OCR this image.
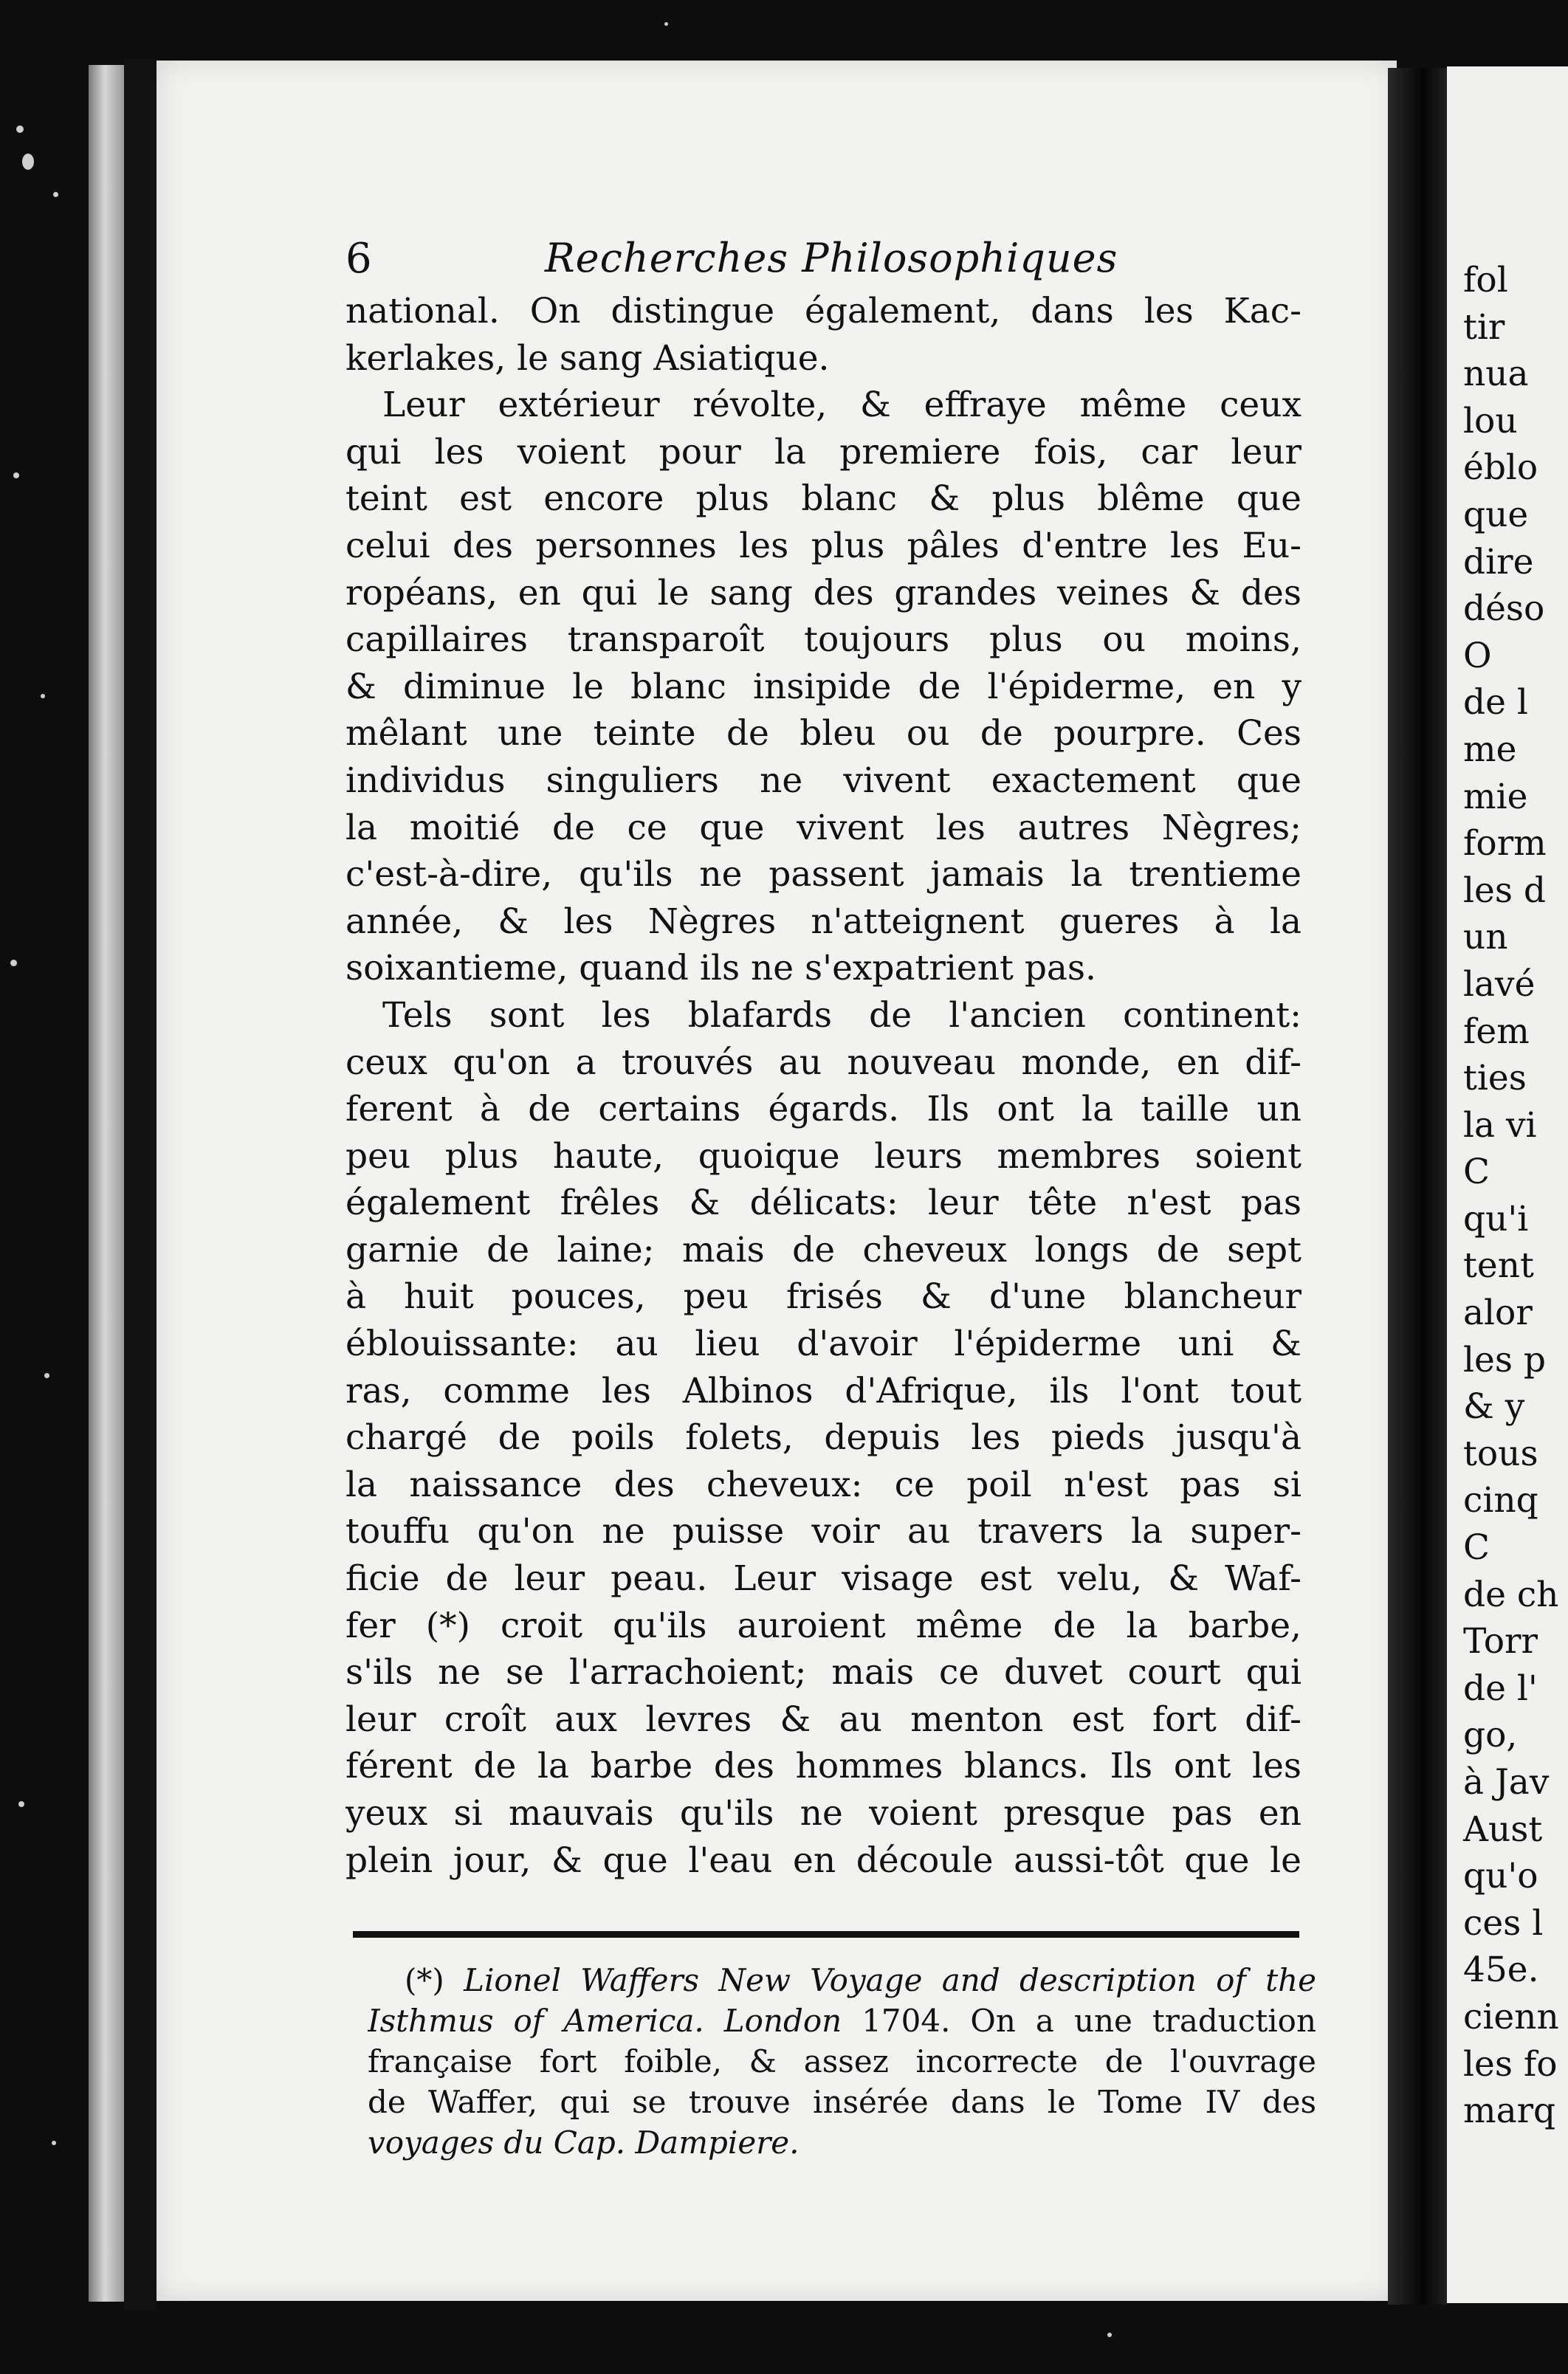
fol
tir
nua
lou
éblo
que
dire
déso
O
de l
me
mie
form
les d
un
lavé
fem
ties
la vi
C
qu'i
tent
alor
les p
& y
tous
cinq
C
de ch
Torr
de l'
go,
à Jav
Aust
qu'o
ces l
45e.
cienn
les fo
marq
6	Recherches Philosophiques
national. On distingue également, dans les Kac-
kerlakes, le sang Asiatique.
Leur extérieur révolte, & effraye même ceux
qui les voient pour la premiere fois, car leur
teint est encore plus blanc & plus blême que
celui des personnes les plus pâles d'entre les Eu-
ropéans, en qui le sang des grandes veines & des
capillaires transparoît toujours plus ou moins,
& diminue le blanc insipide de l'épiderme, en y
mêlant une teinte de bleu ou de pourpre. Ces
individus singuliers ne vivent exactement que
la moitié de ce que vivent les autres Nègres;
c'est-à-dire, qu'ils ne passent jamais la trentieme
année, & les Nègres n'atteignent gueres à la
soixantieme, quand ils ne s'expatrient pas.
Tels sont les blafards de l'ancien continent:
ceux qu'on a trouvés au nouveau monde, en dif-
ferent à de certains égards. Ils ont la taille un
peu plus haute, quoique leurs membres soient
également frêles & délicats: leur tête n'est pas
garnie de laine; mais de cheveux longs de sept
à huit pouces, peu frisés & d'une blancheur
éblouissante: au lieu d'avoir l'épiderme uni &
ras, comme les Albinos d'Afrique, ils l'ont tout
chargé de poils folets, depuis les pieds jusqu'à
la naissance des cheveux: ce poil n'est pas si
touffu qu'on ne puisse voir au travers la super-
ficie de leur peau. Leur visage est velu, & Waf-
fer (*) croit qu'ils auroient même de la barbe,
s'ils ne se l'arrachoient; mais ce duvet court qui
leur croît aux levres & au menton est fort dif-
férent de la barbe des hommes blancs. Ils ont les
yeux si mauvais qu'ils ne voient presque pas en
plein jour, & que l'eau en découle aussi-tôt que le
(*) Lionel Waffers New Voyage and description of the
Isthmus of America. London 1704. On a une traduction
française fort foible, & assez incorrecte de l'ouvrage
de Waffer, qui se trouve insérée dans le Tome IV des
voyages du Cap. Dampiere.
